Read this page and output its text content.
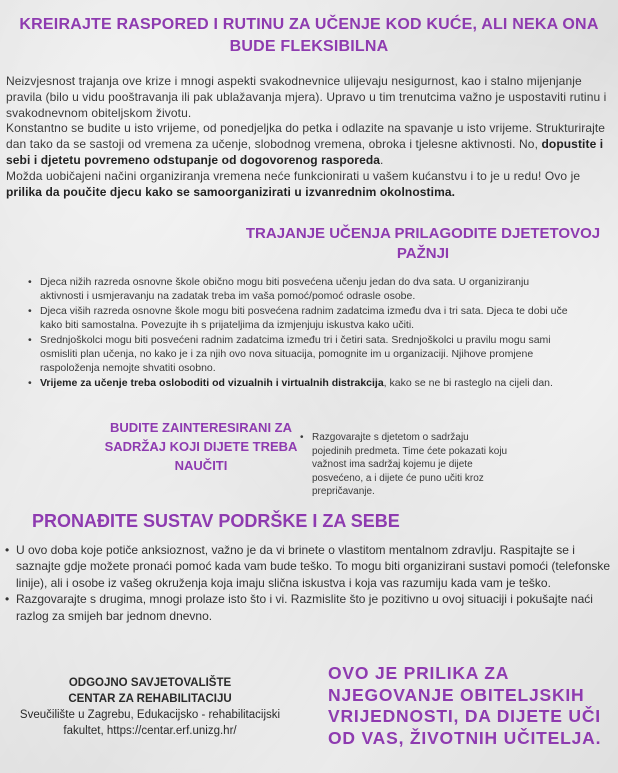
KREIRAJTE RASPORED I RUTINU ZA UČENJE KOD KUĆE, ALI NEKA ONA BUDE FLEKSIBILNA

Neizvjesnost trajanja ove krize i mnogi aspekti svakodnevnice ulijevaju nesigurnost, kao i stalno mijenjanje pravila (bilo u vidu pooštravanja ili pak ublažavanja mjera). Upravo u tim trenutcima važno je uspostaviti rutinu i svakodnevnom obiteljskom životu.

Konstantno se budite u isto vrijeme, od ponedjeljka do petka i odlazite na spavanje u isto vrijeme. Strukturirajte dan tako da se sastoji od vremena za učenje, slobodnog vremena, obroka i tjelesne aktivnosti. No, dopustite i sebi i djetetu povremeno odstupanje od dogovorenog rasporeda.

Možda uobičajeni načini organiziranja vremena neće funkcionirati u vašem kućanstvu i to je u redu! Ovo je prilika da poučite djecu kako se samoorganizirati u izvanrednim okolnostima.

TRAJANJE UČENJA PRILAGODITE DJETETOVOJ PAŽNJI
• Djeca nižih razreda osnovne škole obično mogu biti posvećena učenju jedan do dva sata. U organiziranju aktivnosti i usmjeravanju na zadatak treba im vaša pomoć/pomoć odrasle osobe.
• Djeca viših razreda osnovne škole mogu biti posvećena radnim zadatcima između dva i tri sata. Djeca te dobi uče kako biti samostalna. Povezujte ih s prijateljima da izmjenjuju iskustva kako učiti.
• Srednjoškolci mogu biti posvećeni radnim zadatcima između tri i četiri sata. Srednjoškolci u pravilu mogu sami osmisliti plan učenja, no kako je i za njih ovo nova situacija, pomognite im u organizaciji. Njihove promjene raspoloženja nemojte shvatiti osobno.
• Vrijeme za učenje treba osloboditi od vizualnih i virtualnih distrakcija, kako se ne bi rasteglo na cijeli dan.
BUDITE ZAINTERESIRANI ZA SADRŽAJ KOJI DIJETE TREBA NAUČITI
• Razgovarajte s djetetom o sadržaju pojedinih predmeta. Time ćete pokazati koju važnost ima sadržaj kojemu je dijete posvećeno, a i dijete će puno učiti kroz prepričavanje.
PRONAĐITE SUSTAV PODRŠKE I ZA SEBE
• U ovo doba koje potiče anksioznost, važno je da vi brinete o vlastitom mentalnom zdravlju. Raspitajte se i saznajte gdje možete pronaći pomoć kada vam bude teško. To mogu biti organizirani sustavi pomoći (telefonske linije), ali i osobe iz vašeg okruženja koja imaju slična iskustva i koja vas razumiju kada vam je teško.
• Razgovarajte s drugima, mnogi prolaze isto što i vi. Razmislite što je pozitivno u ovoj situaciji i pokušajte naći razlog za smijeh bar jednom dnevno.
ODGOJNO SAVJETOVALIŠTE
CENTAR ZA REHABILITACIJU
Sveučilište u Zagrebu, Edukacijsko - rehabilitacijski fakultet, https://centar.erf.unizg.hr/
OVO JE PRILIKA ZA NJEGOVANJE OBITELJSKIH VRIJEDNOSTI, DA DIJETE UČI OD VAS, ŽIVOTNIH UČITELJA.
